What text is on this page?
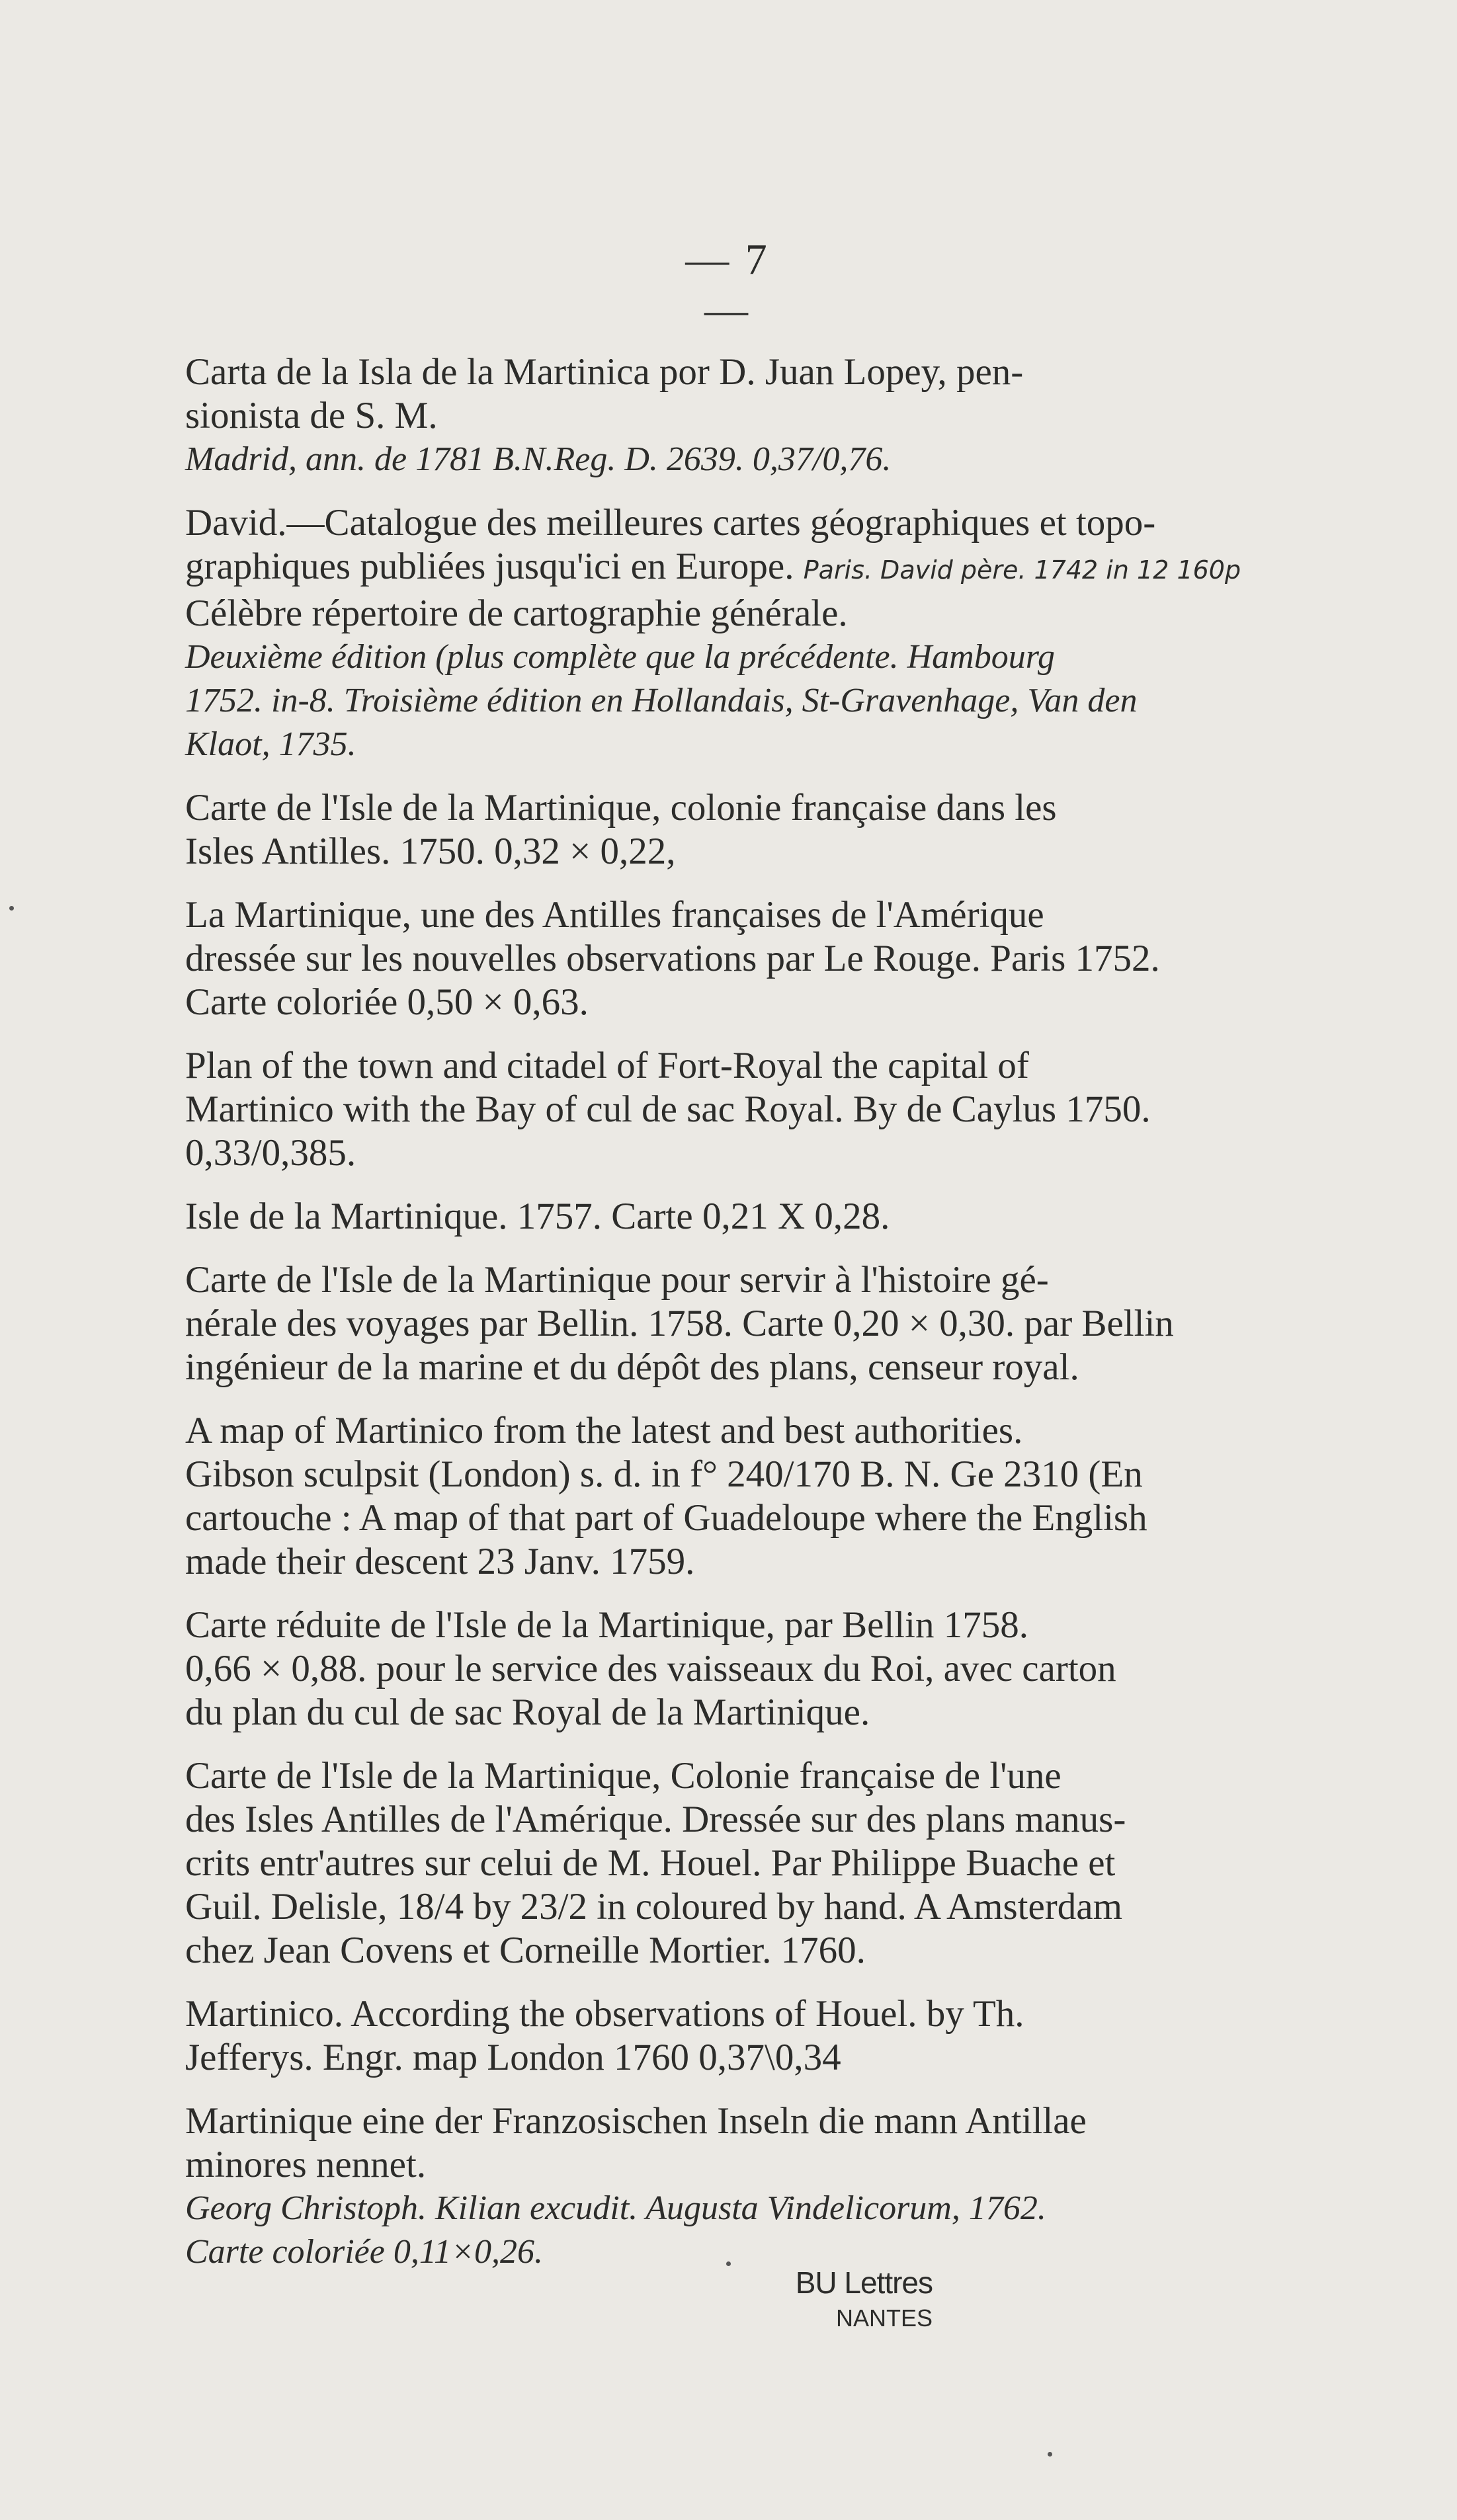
— 7 —

Carta de la Isla de la Martinica por D. Juan Lopey, pen-
sionista de S. M.
Madrid, ann. de 1781 B.N.Reg. D. 2639. 0,37/0,76.

David.—Catalogue des meilleures cartes géographiques et topo-
graphiques publiées jusqu'ici en Europe. Paris. David père. 1742 in 12 160p
Célèbre répertoire de cartographie générale.
Deuxième édition (plus complète que la précédente. Hambourg
1752. in-8. Troisième édition en Hollandais, St-Gravenhage, Van den
Klaot, 1735.

Carte de l'Isle de la Martinique, colonie française dans les
Isles Antilles. 1750. 0,32 × 0,22,

La Martinique, une des Antilles françaises de l'Amérique
dressée sur les nouvelles observations par Le Rouge. Paris 1752.
Carte coloriée 0,50 × 0,63.

Plan of the town and citadel of Fort-Royal the capital of
Martinico with the Bay of cul de sac Royal. By de Caylus 1750.
0,33/0,385.

Isle de la Martinique. 1757. Carte 0,21 X 0,28.

Carte de l'Isle de la Martinique pour servir à l'histoire gé-
nérale des voyages par Bellin. 1758. Carte 0,20 × 0,30. par Bellin
ingénieur de la marine et du dépôt des plans, censeur royal.

A map of Martinico from the latest and best authorities.
Gibson sculpsit (London) s. d. in f° 240/170 B. N. Ge 2310 (En
cartouche : A map of that part of Guadeloupe where the English
made their descent 23 Janv. 1759.

Carte réduite de l'Isle de la Martinique, par Bellin 1758.
0,66 × 0,88. pour le service des vaisseaux du Roi, avec carton
du plan du cul de sac Royal de la Martinique.

Carte de l'Isle de la Martinique, Colonie française de l'une
des Isles Antilles de l'Amérique. Dressée sur des plans manus-
crits entr'autres sur celui de M. Houel. Par Philippe Buache et
Guil. Delisle, 18/4 by 23/2 in coloured by hand. A Amsterdam
chez Jean Covens et Corneille Mortier. 1760.

Martinico. According the observations of Houel. by Th.
Jefferys. Engr. map London 1760 0,37\0,34

Martinique eine der Franzosischen Inseln die mann Antillae
minores nennet.
Georg Christoph. Kilian excudit. Augusta Vindelicorum, 1762.
Carte coloriée 0,11×0,26.

BU Lettres
NANTES
